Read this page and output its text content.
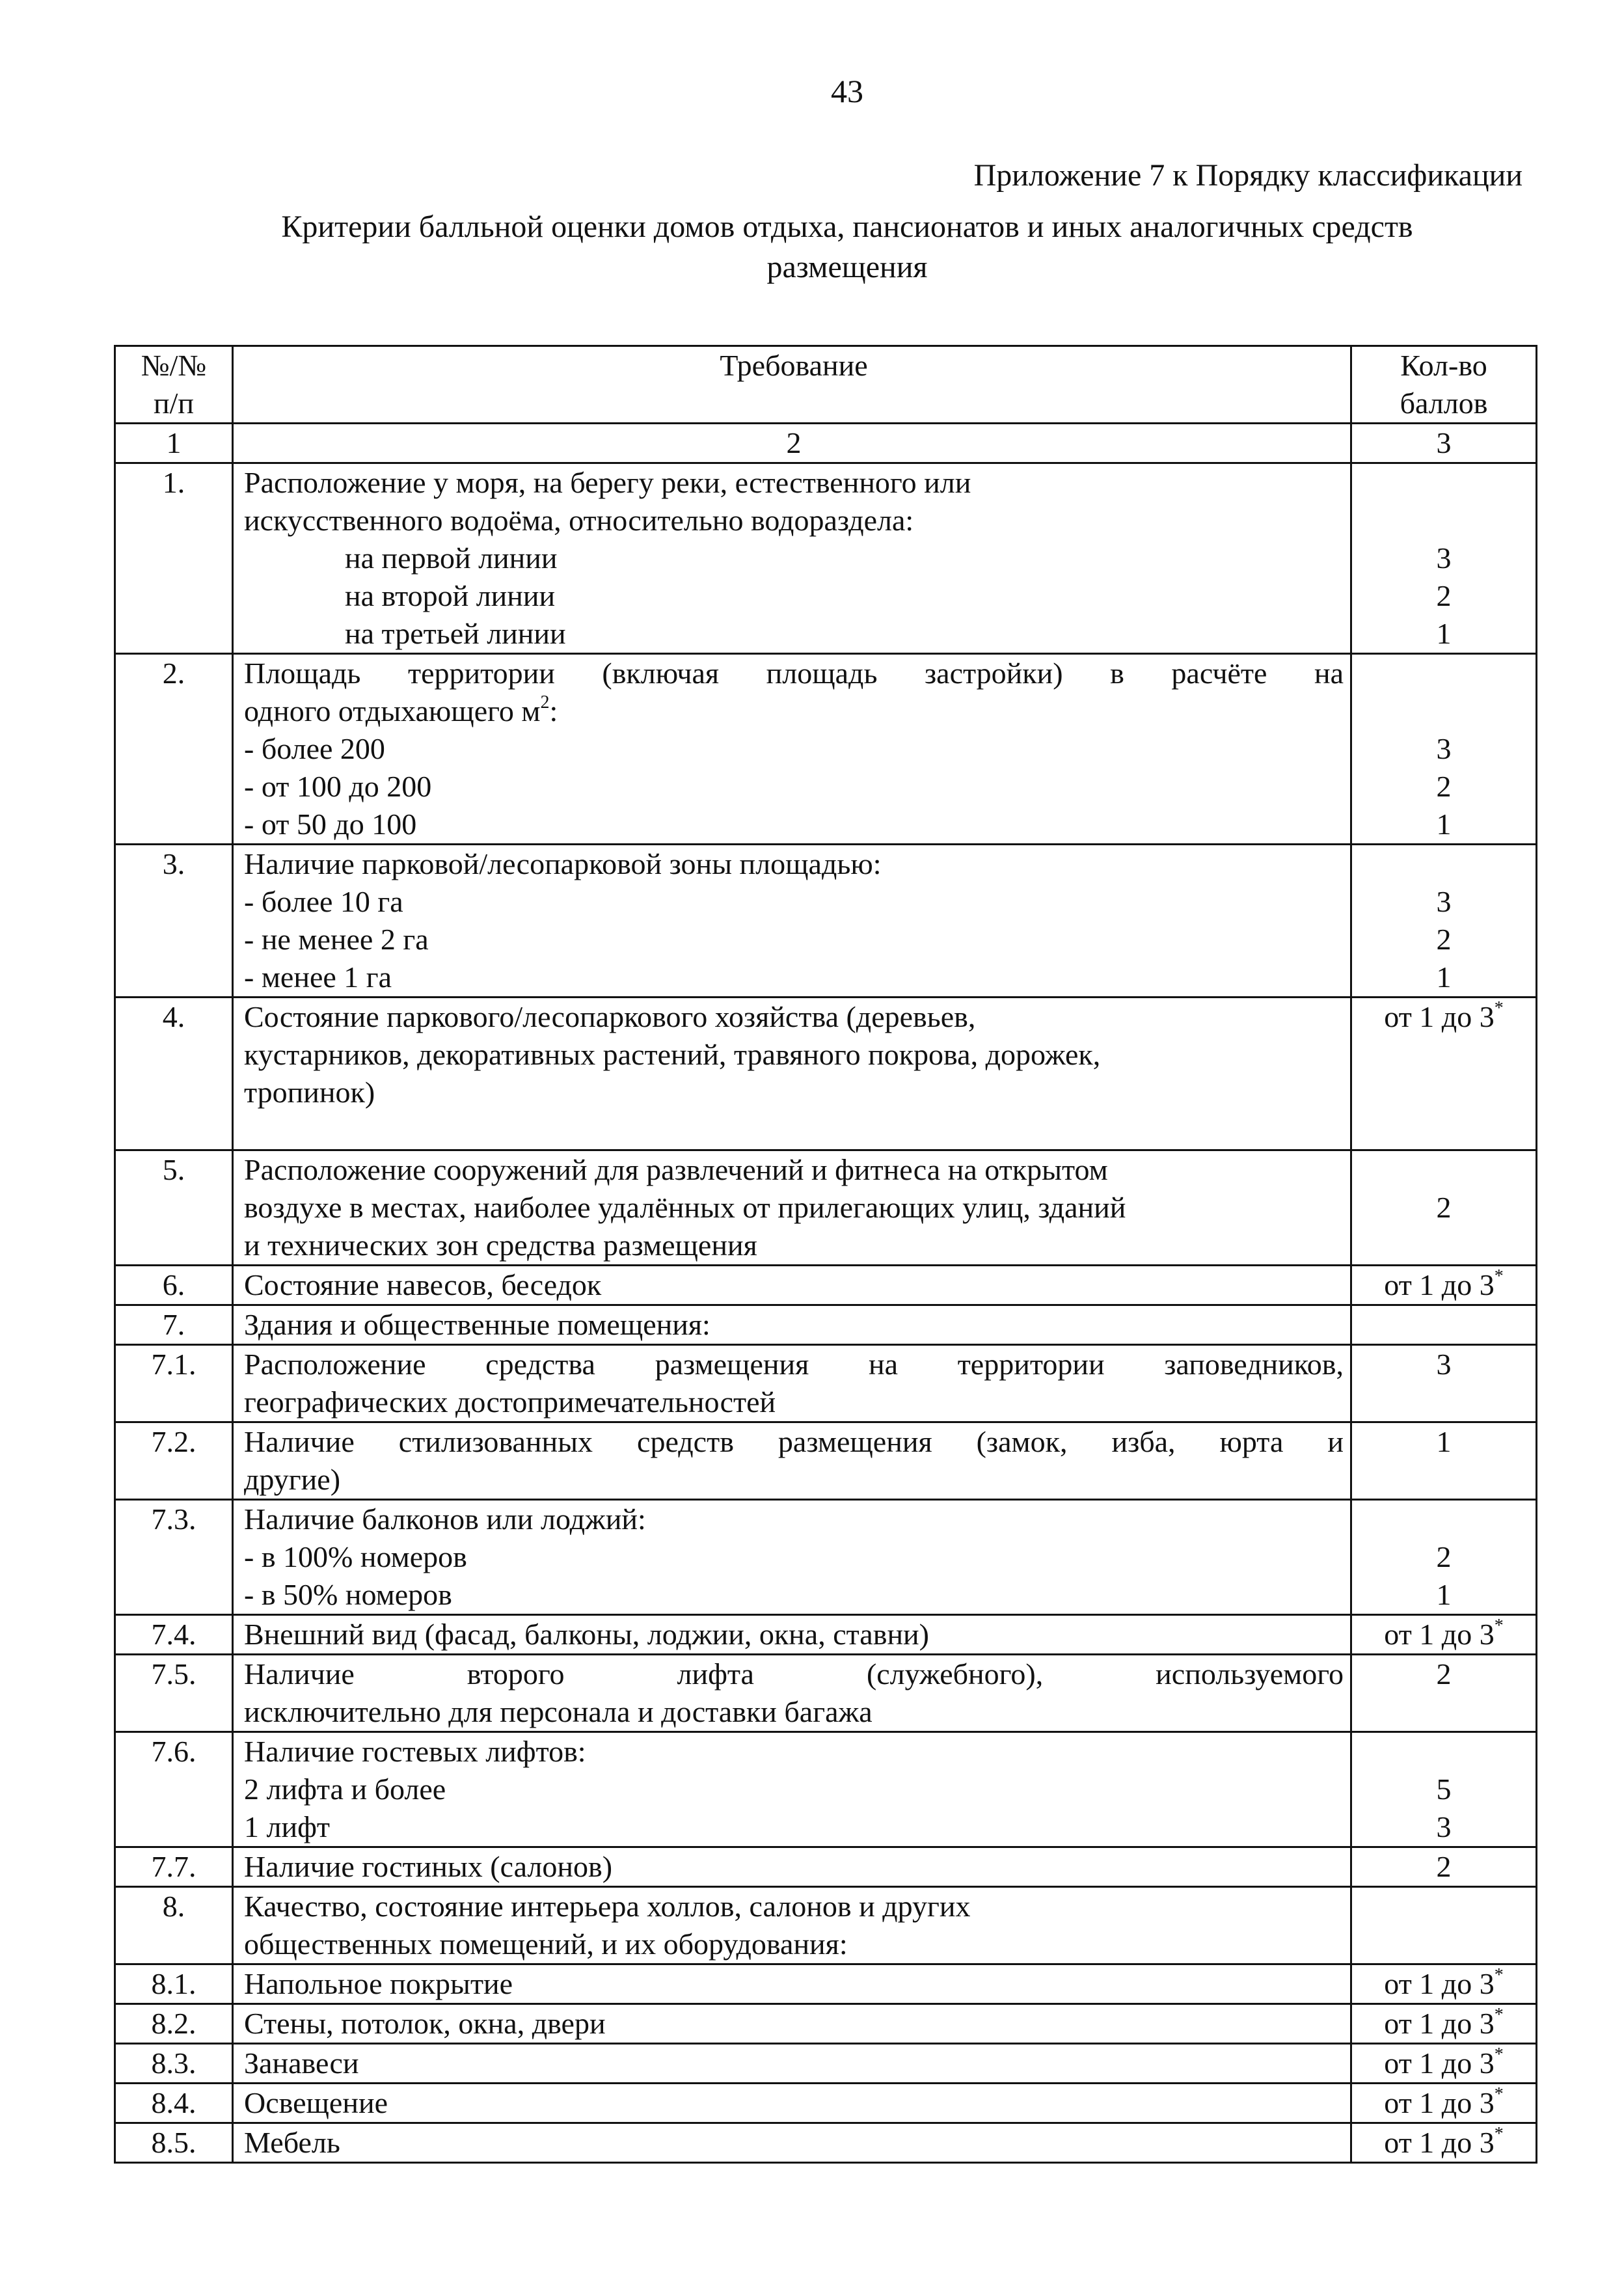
43
Приложение 7 к Порядку классификации
Критерии балльной оценки домов отдыха, пансионатов и иных аналогичных средств
размещения
№/№
п/п	Требование	Кол-во
баллов

1	2	3
1.	Расположение у моря, на берегу реки, естественного или
искусственного водоёма, относительно водораздела:
на первой линии
на второй линии
на третьей линии	3
2
1

2.	Площадь территории (включая площадь застройки) в расчёте на
одного отдыхающего $м^2$:
- более 200
- от 100 до 200
- от 50 до 100	3
2
1

3.	Наличие парковой/лесопарковой зоны площадью:
- более 10 га
- не менее 2 га
- менее 1 га	3
2
1

4.	Состояние паркового/лесопаркового хозяйства (деревьев,
кустарников, декоративных растений, травяного покрова, дорожек,
тропинок)	от 1 до 3*

5.	Расположение сооружений для развлечений и фитнеса на открытом
воздухе в местах, наиболее удалённых от прилегающих улиц, зданий
и технических зон средства размещения	2

6.	Состояние навесов, беседок	от 1 до 3*

7.	Здания и общественные помещения:	

7.1.	Расположение средства размещения на территории заповедников,
географических достопримечательностей	3

7.2.	Наличие стилизованных средств размещения (замок, изба, юрта и
другие)	1

7.3.	Наличие балконов или лоджий:
- в 100% номеров
- в 50% номеров	2
1

7.4.	Внешний вид (фасад, балконы, лоджии, окна, ставни)	от 1 до 3*

7.5.	Наличие второго лифта (служебного), используемого
исключительно для персонала и доставки багажа	2

7.6.	Наличие гостевых лифтов:
2 лифта и более
1 лифт	5
3

7.7.	Наличие гостиных (салонов)	2

8.	Качество, состояние интерьера холлов, салонов и других
общественных помещений, и их оборудования:	

8.1.	Напольное покрытие	от 1 до 3*

8.2.	Стены, потолок, окна, двери	от 1 до 3*

8.3.	Занавеси	от 1 до 3*

8.4.	Освещение	от 1 до 3*

8.5.	Мебель	от 1 до 3*
